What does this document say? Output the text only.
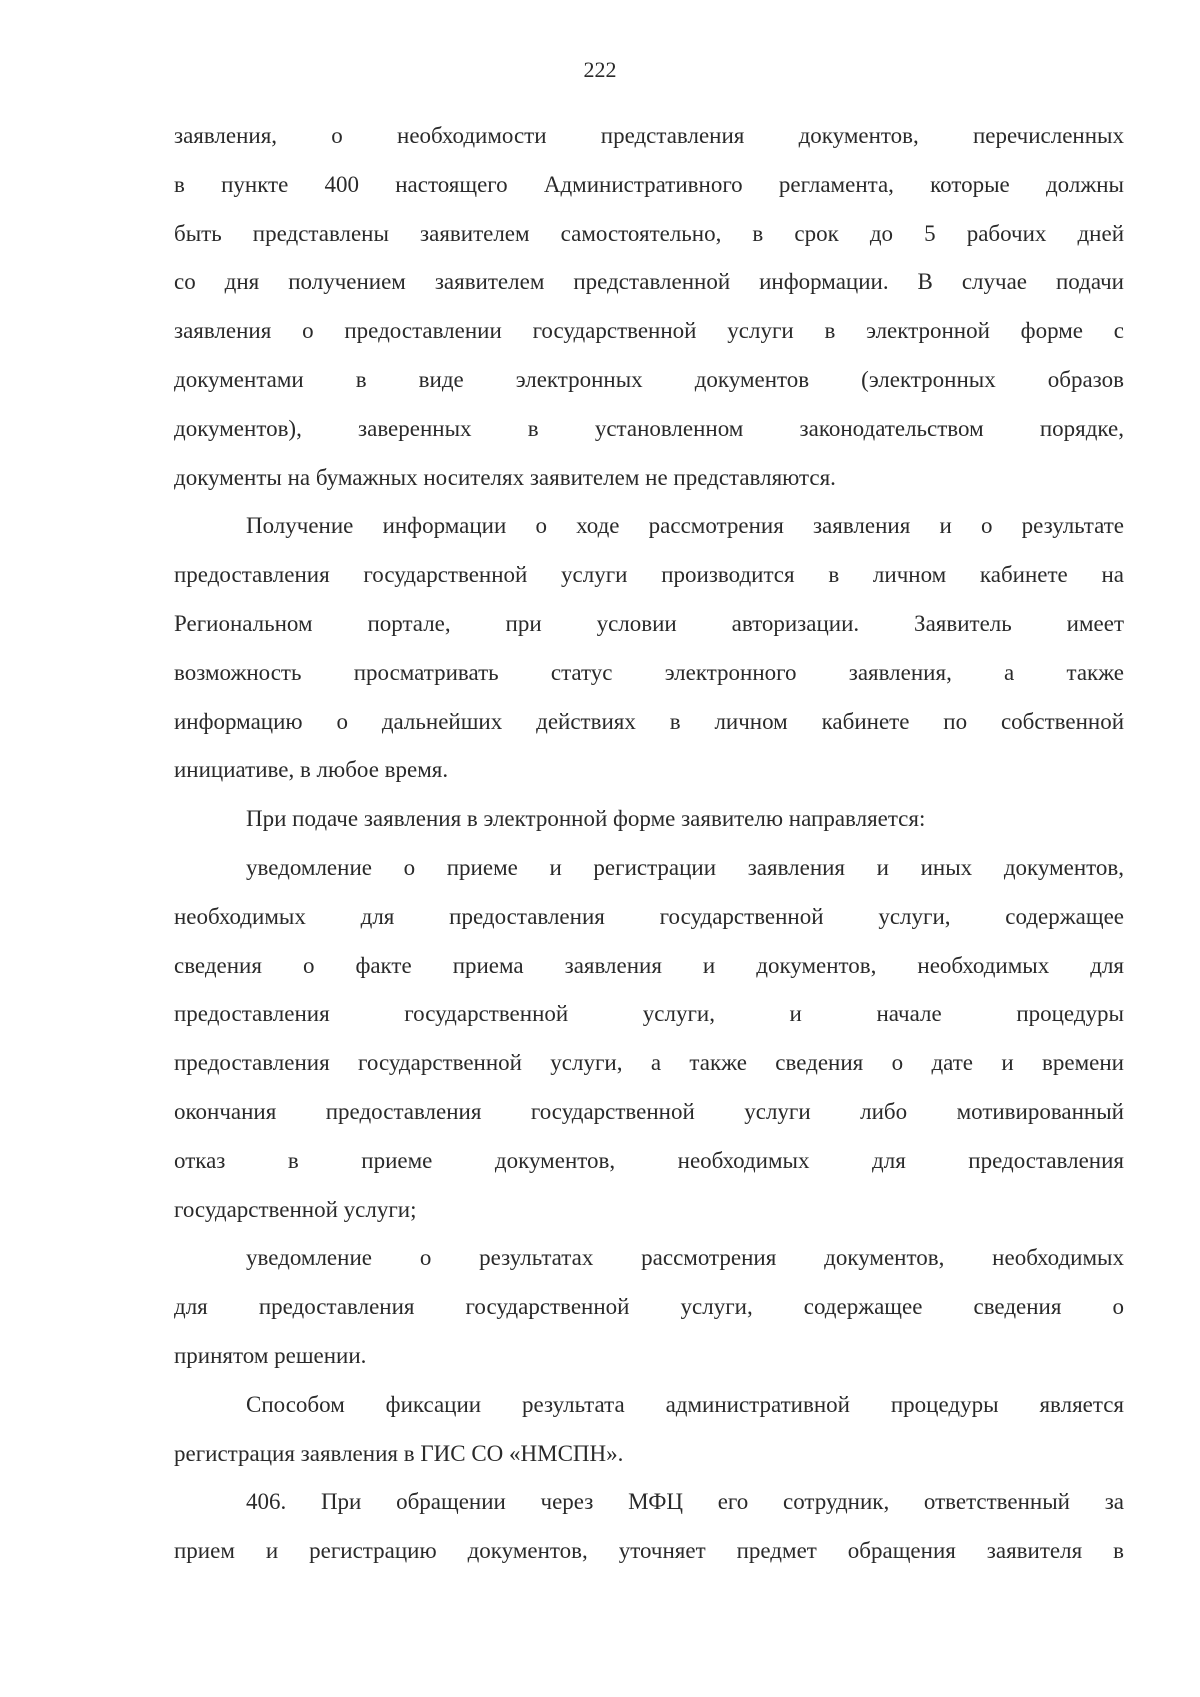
222
заявления, о необходимости представления документов, перечисленных
в пункте 400 настоящего Административного регламента, которые должны
быть представлены заявителем самостоятельно, в срок до 5 рабочих дней
со дня получением заявителем представленной информации. В случае подачи
заявления о предоставлении государственной услуги в электронной форме с
документами в виде электронных документов (электронных образов
документов), заверенных в установленном законодательством порядке,
документы на бумажных носителях заявителем не представляются.
Получение информации о ходе рассмотрения заявления и о результате
предоставления государственной услуги производится в личном кабинете на
Региональном портале, при условии авторизации. Заявитель имеет
возможность просматривать статус электронного заявления, а также
информацию о дальнейших действиях в личном кабинете по собственной
инициативе, в любое время.
При подаче заявления в электронной форме заявителю направляется:
уведомление о приеме и регистрации заявления и иных документов,
необходимых для предоставления государственной услуги, содержащее
сведения о факте приема заявления и документов, необходимых для
предоставления государственной услуги, и начале процедуры
предоставления государственной услуги, а также сведения о дате и времени
окончания предоставления государственной услуги либо мотивированный
отказ в приеме документов, необходимых для предоставления
государственной услуги;
уведомление о результатах рассмотрения документов, необходимых
для предоставления государственной услуги, содержащее сведения о
принятом решении.
Способом фиксации результата административной процедуры является
регистрация заявления в ГИС СО «НМСПН».
406. При обращении через МФЦ его сотрудник, ответственный за
прием и регистрацию документов, уточняет предмет обращения заявителя в
